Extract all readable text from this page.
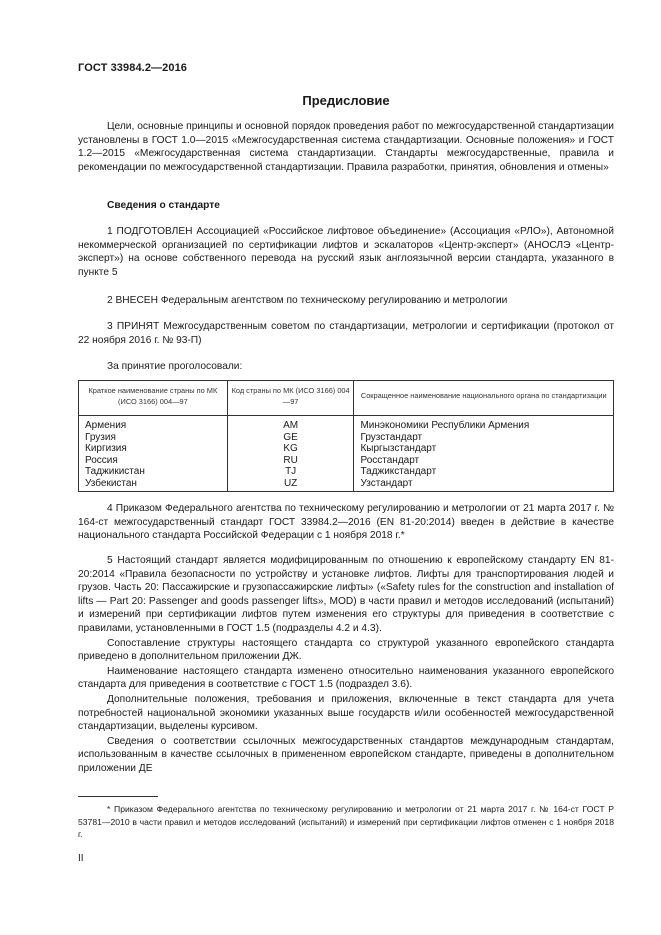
ГОСТ 33984.2—2016
Предисловие

Цели, основные принципы и основной порядок проведения работ по межгосударственной стандартизации установлены в ГОСТ 1.0—2015 «Межгосударственная система стандартизации. Основные положения» и ГОСТ 1.2—2015 «Межгосударственная система стандартизации. Стандарты межгосударственные, правила и рекомендации по межгосударственной стандартизации. Правила разработки, принятия, обновления и отмены»

Сведения о стандарте

1 ПОДГОТОВЛЕН Ассоциацией «Российское лифтовое объединение» (Ассоциация «РЛО»), Автономной некоммерческой организацией по сертификации лифтов и эскалаторов «Центр-эксперт» (АНОСЛЭ «Центр-эксперт») на основе собственного перевода на русский язык англоязычной версии стандарта, указанного в пункте 5

2 ВНЕСЕН Федеральным агентством по техническому регулированию и метрологии

3 ПРИНЯТ Межгосударственным советом по стандартизации, метрологии и сертификации (протокол от 22 ноября 2016 г. № 93-П)

За принятие проголосовали:

Краткое наименование страны по МК (ИСО 3166) 004—97	Код страны по МК (ИСО 3166) 004—97	Сокращенное наименование национального органа по стандартизации
Армения	AM	Минэкономики Республики Армения
Грузия	GE	Грузстандарт
Киргизия	KG	Кыргызстандарт
Россия	RU	Росстандарт
Таджикистан	TJ	Таджикстандарт
Узбекистан	UZ	Узстандарт

4 Приказом Федерального агентства по техническому регулированию и метрологии от 21 марта 2017 г. № 164-ст межгосударственный стандарт ГОСТ 33984.2—2016 (EN 81-20:2014) введен в действие в качестве национального стандарта Российской Федерации с 1 ноября 2018 г.*

5 Настоящий стандарт является модифицированным по отношению к европейскому стандарту EN 81-20:2014 «Правила безопасности по устройству и установке лифтов. Лифты для транспортирования людей и грузов. Часть 20: Пассажирские и грузопассажирские лифты» («Safety rules for the construction and installation of lifts — Part 20: Passenger and goods passenger lifts», MOD) в части правил и методов исследований (испытаний) и измерений при сертификации лифтов путем изменения его структуры для приведения в соответствие с правилами, установленными в ГОСТ 1.5 (подразделы 4.2 и 4.3).

Сопоставление структуры настоящего стандарта со структурой указанного европейского стандарта приведено в дополнительном приложении ДЖ.

Наименование настоящего стандарта изменено относительно наименования указанного европейского стандарта для приведения в соответствие с ГОСТ 1.5 (подраздел 3.6).

Дополнительные положения, требования и приложения, включенные в текст стандарта для учета потребностей национальной экономики указанных выше государств и/или особенностей межгосударственной стандартизации, выделены курсивом.

Сведения о соответствии ссылочных межгосударственных стандартов международным стандартам, использованным в качестве ссылочных в примененном европейском стандарте, приведены в дополнительном приложении ДЕ

* Приказом Федерального агентства по техническому регулированию и метрологии от 21 марта 2017 г. № 164-ст ГОСТ Р 53781—2010 в части правил и методов исследований (испытаний) и измерений при сертификации лифтов отменен с 1 ноября 2018 г.

II
